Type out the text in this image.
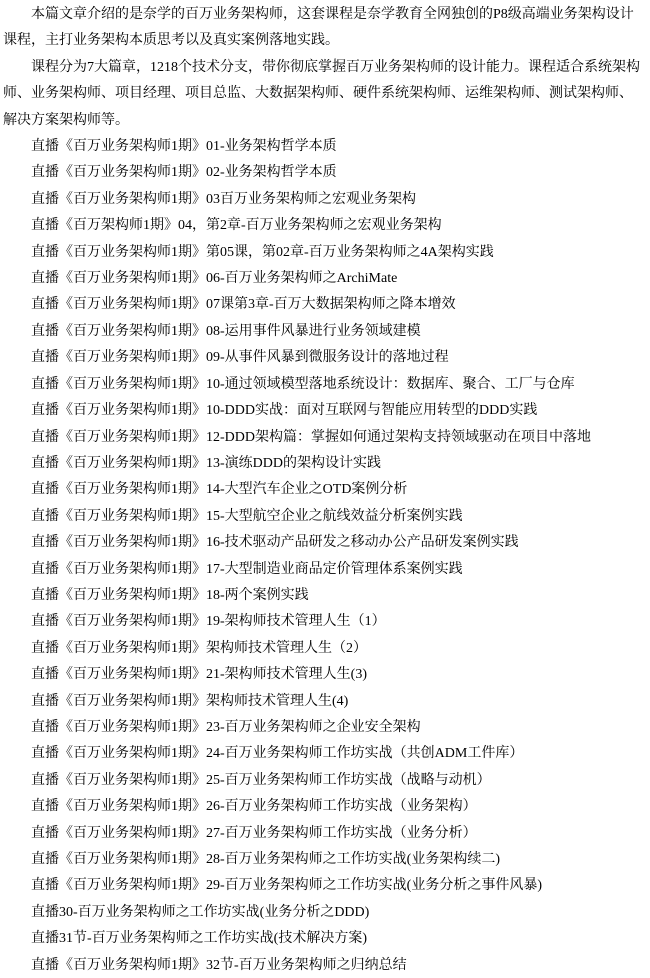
本篇文章介绍的是奈学的百万业务架构师，这套课程是奈学教育全网独创的P8级高端业务架构设计课程，主打业务架构本质思考以及真实案例落地实践。

课程分为7大篇章，1218个技术分支，带你彻底掌握百万业务架构师的设计能力。课程适合系统架构师、业务架构师、项目经理、项目总监、大数据架构师、硬件系统架构师、运维架构师、测试架构师、解决方案架构师等。

直播《百万业务架构师1期》01-业务架构哲学本质

直播《百万业务架构师1期》02-业务架构哲学本质

直播《百万业务架构师1期》03百万业务架构师之宏观业务架构

直播《百万架构师1期》04，第2章-百万业务架构师之宏观业务架构

直播《百万业务架构师1期》第05课，第02章-百万业务架构师之4A架构实践

直播《百万业务架构师1期》06-百万业务架构师之ArchiMate

直播《百万业务架构师1期》07课第3章-百万大数据架构师之降本增效

直播《百万业务架构师1期》08-运用事件风暴进行业务领域建模

直播《百万业务架构师1期》09-从事件风暴到微服务设计的落地过程

直播《百万业务架构师1期》10-通过领域模型落地系统设计：数据库、聚合、工厂与仓库

直播《百万业务架构师1期》10-DDD实战：面对互联网与智能应用转型的DDD实践

直播《百万业务架构师1期》12-DDD架构篇：掌握如何通过架构支持领域驱动在项目中落地

直播《百万业务架构师1期》13-演练DDD的架构设计实践

直播《百万业务架构师1期》14-大型汽车企业之OTD案例分析

直播《百万业务架构师1期》15-大型航空企业之航线效益分析案例实践

直播《百万业务架构师1期》16-技术驱动产品研发之移动办公产品研发案例实践

直播《百万业务架构师1期》17-大型制造业商品定价管理体系案例实践

直播《百万业务架构师1期》18-两个案例实践

直播《百万业务架构师1期》19-架构师技术管理人生（1）

直播《百万业务架构师1期》架构师技术管理人生（2）

直播《百万业务架构师1期》21-架构师技术管理人生(3)

直播《百万业务架构师1期》架构师技术管理人生(4)

直播《百万业务架构师1期》23-百万业务架构师之企业安全架构

直播《百万业务架构师1期》24-百万业务架构师工作坊实战（共创ADM工件库）

直播《百万业务架构师1期》25-百万业务架构师工作坊实战（战略与动机）

直播《百万业务架构师1期》26-百万业务架构师工作坊实战（业务架构）

直播《百万业务架构师1期》27-百万业务架构师工作坊实战（业务分析）

直播《百万业务架构师1期》28-百万业务架构师之工作坊实战(业务架构续二)

直播《百万业务架构师1期》29-百万业务架构师之工作坊实战(业务分析之事件风暴)

直播30-百万业务架构师之工作坊实战(业务分析之DDD)

直播31节-百万业务架构师之工作坊实战(技术解决方案)

直播《百万业务架构师1期》32节-百万业务架构师之归纳总结
